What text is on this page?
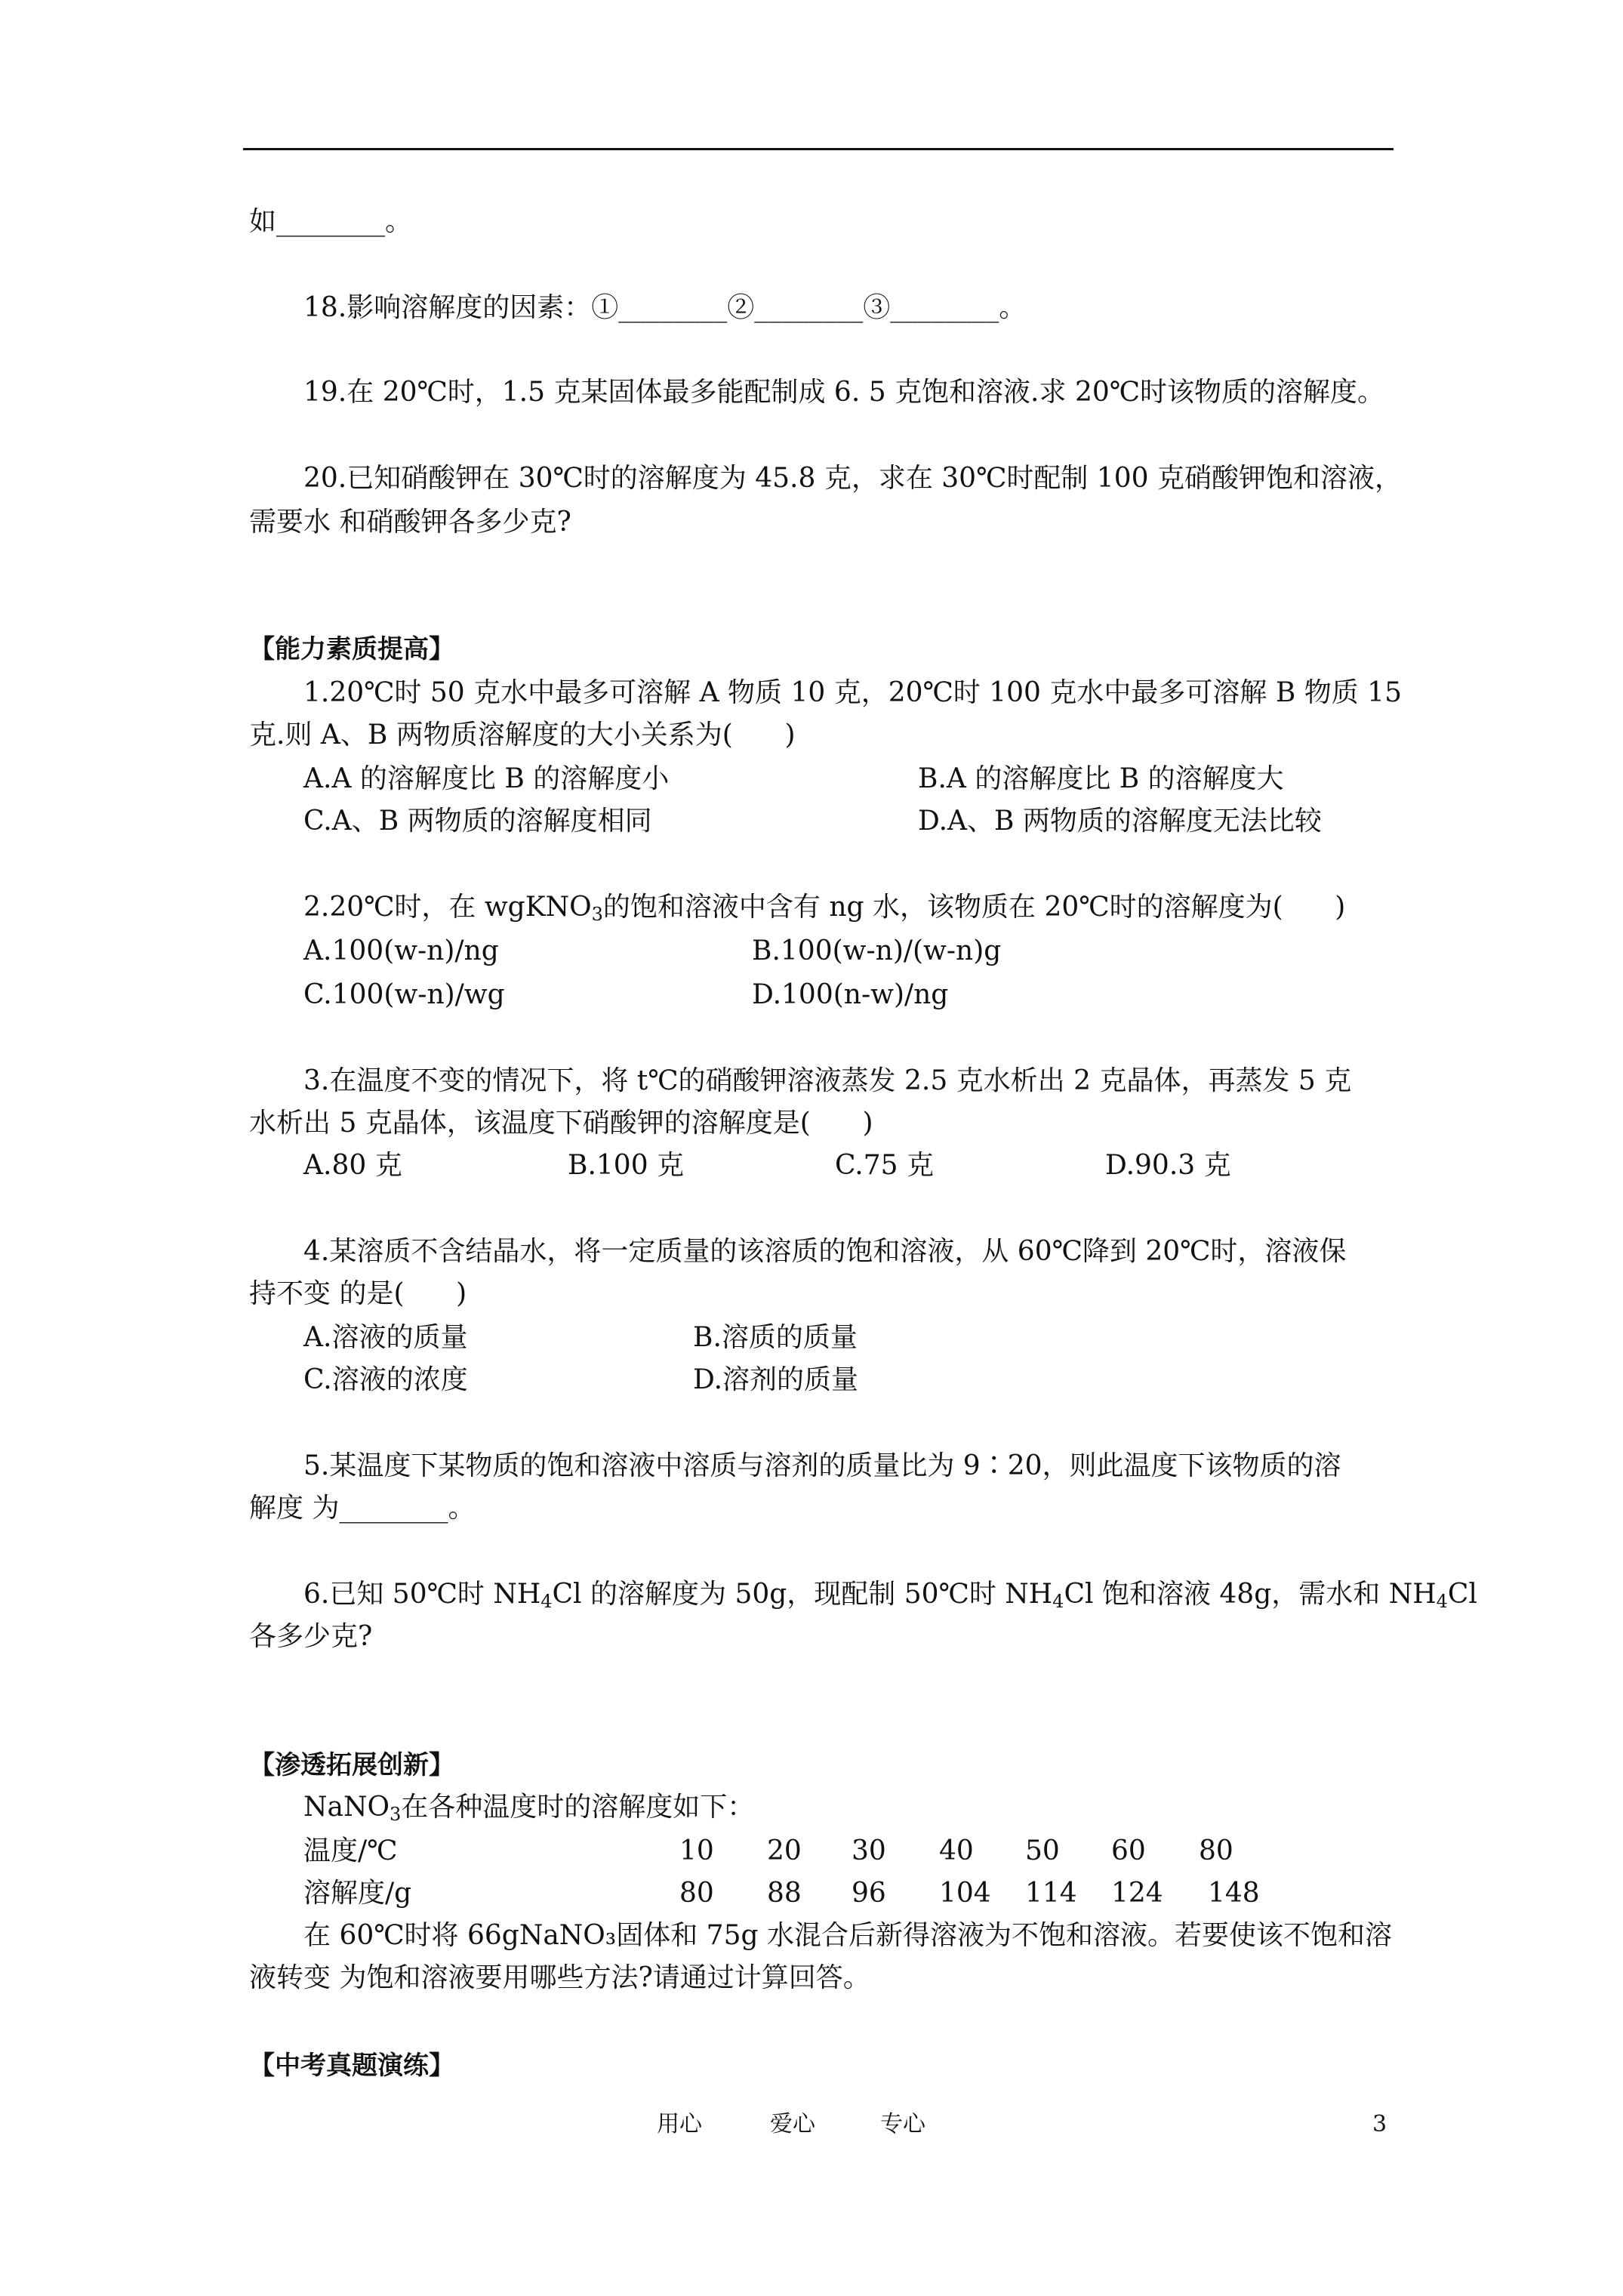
如________。
18.影响溶解度的因素：①________②________③________。
19.在 20℃时，1.5 克某固体最多能配制成 6. 5 克饱和溶液.求 20℃时该物质的溶解度。
20.已知硝酸钾在 30℃时的溶解度为 45.8 克，求在 30℃时配制 100 克硝酸钾饱和溶液，
需要水 和硝酸钾各多少克?
【能力素质提高】
1.20℃时 50 克水中最多可溶解 A 物质 10 克，20℃时 100 克水中最多可溶解 B 物质 15
克.则 A、B 两物质溶解度的大小关系为(      )
A.A 的溶解度比 B 的溶解度小	B.A 的溶解度比 B 的溶解度大
C.A、B 两物质的溶解度相同	D.A、B 两物质的溶解度无法比较
2.20℃时，在 wgKNO$_3$的饱和溶液中含有 ng 水，该物质在 20℃时的溶解度为(      )
A.100(w-n)/ng	B.100(w-n)/(w-n)g
C.100(w-n)/wg	D.100(n-w)/ng
3.在温度不变的情况下，将 t℃的硝酸钾溶液蒸发 2.5 克水析出 2 克晶体，再蒸发 5 克
水析出 5 克晶体，该温度下硝酸钾的溶解度是(      )
A.80 克	B.100 克	C.75 克	D.90.3 克
4.某溶质不含结晶水，将一定质量的该溶质的饱和溶液，从 60℃降到 20℃时，溶液保
持不变 的是(      )
A.溶液的质量	B.溶质的质量
C.溶液的浓度	D.溶剂的质量
5.某温度下某物质的饱和溶液中溶质与溶剂的质量比为 9∶20，则此温度下该物质的溶
解度 为________。
6.已知 50℃时 $NH_4Cl$ 的溶解度为 50g，现配制 50℃时 $NH_4Cl$ 饱和溶液 48g，需水和 $NH_4Cl$
各多少克?
【渗透拓展创新】
NaNO$_3$在各种温度时的溶解度如下：
温度/℃	10 20 30 40 50 60 80
溶解度/g	80 88 96 104 114 124 148
在 60℃时将 66gNaNO₃固体和 75g 水混合后新得溶液为不饱和溶液。若要使该不饱和溶
液转变 为饱和溶液要用哪些方法?请通过计算回答。
【中考真题演练】
用心	爱心	专心	3
